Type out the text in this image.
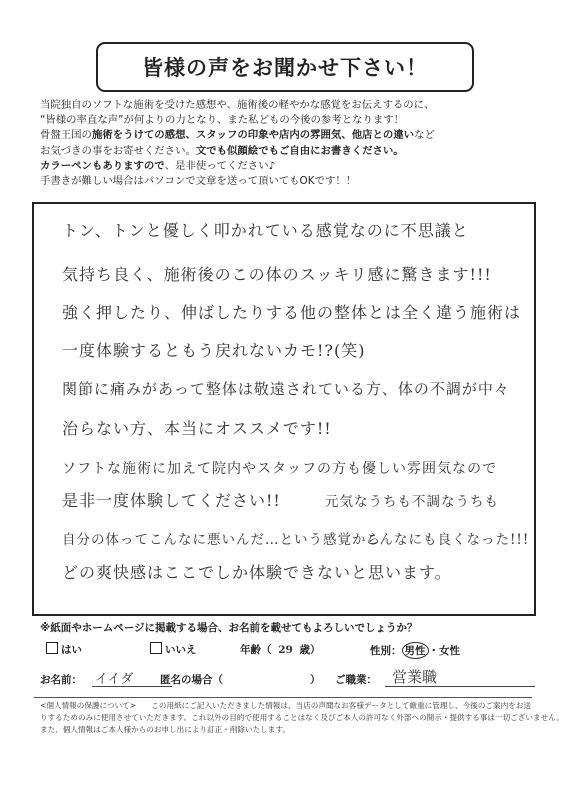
皆様の声をお聞かせ下さい！
当院独自のソフトな施術を受けた感想や、施術後の軽やかな感覚をお伝えするのに、
“皆様の率直な声”が何よりの力となり、また私どもの今後の参考となります！
骨盤王国の施術をうけての感想、スタッフの印象や店内の雰囲気、他店との違いなど
お気づきの事をお寄せください。文でも似顔絵でもご自由にお書きください。
カラーペンもありますので、是非使ってください♪
手書きが難しい場合はパソコンで文章を送って頂いてもOKです！！
トン、トンと優しく叩かれている感覚なのに不思議と
気持ち良く、施術後のこの体のスッキリ感に驚きます!!!
強く押したり、伸ばしたりする他の整体とは全く違う施術は
一度体験するともう戻れないカモ!?(笑)
関節に痛みがあって整体は敬遠されている方、体の不調が中々
治らない方、本当にオススメです!!
ソフトな施術に加えて院内やスタッフの方も優しい雰囲気なので
是非一度体験してください!!	元気なうちも不調なうちも
自分の体ってこんなに悪いんだ…という感覚から
こんなにも良くなった!!!
どの爽快感はここでしか体験できないと思います。
※紙面やホームページに掲載する場合、お名前を載せてもよろしいでしょうか？
はい	いいえ	年齢（ 29 歳）	性別： 男性 ・女性
お名前： イイダ	匿名の場合（	） ご職業： 営業職
<個人情報の保護について>　　この用紙にご記入いただきました情報は、当店の声聞なお客様データとして厳重に管理し、今後のご案内をお送
りするためのみに使用させていただきます。これ以外の目的で使用することはなく及びご本人の許可なく外部への開示・提供する事は一切ございません。
また、個人情報はご本人様からのお申し出により訂正・削除いたします。
